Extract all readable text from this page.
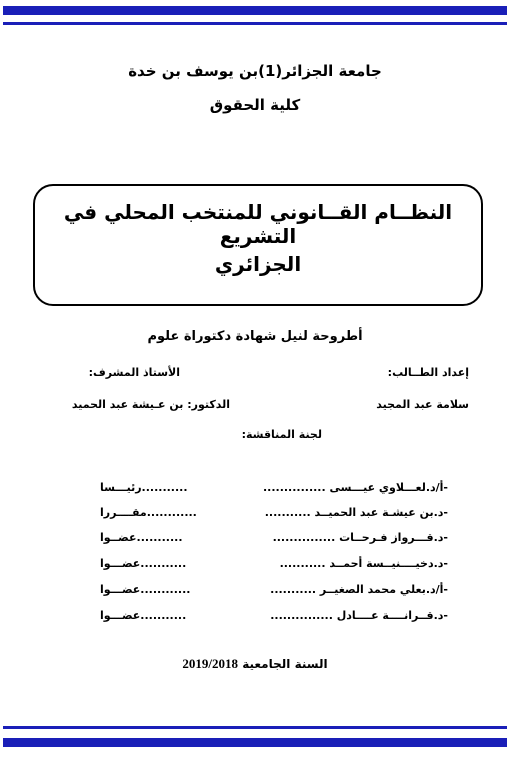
جامعة الجزائر(1)بن يوسف بن خدة
كلية الحقوق
النظــام القــانوني للمنتخب المحلي في التشريع
الجزائري
أطروحة لنيل شهادة دكتوراة علوم
إعداد الطــالب:
الأستاذ المشرف:
سلامة عبد المجيد
الدكتور: بن عـيشة عبد الحميد
لجنة المناقشة:
-أ/د.لعـــلاوي عيـــسى ...............
...........رئيـــسا
-د.بن عيشـة عبد الحميــد ...........
............مقــــررا
-د.قـــرواز فـرحــات ...............
...........عضــوا
-د.دخيــــنيــسة أحمــد ...........
...........عضـــوا
-أ/د.بعلي محمد الصغيــر ...........
............عضـــوا
-د.قــرانــــة عــــادل ...............
...........عضـــوا
السنة الجامعية 2019/2018
